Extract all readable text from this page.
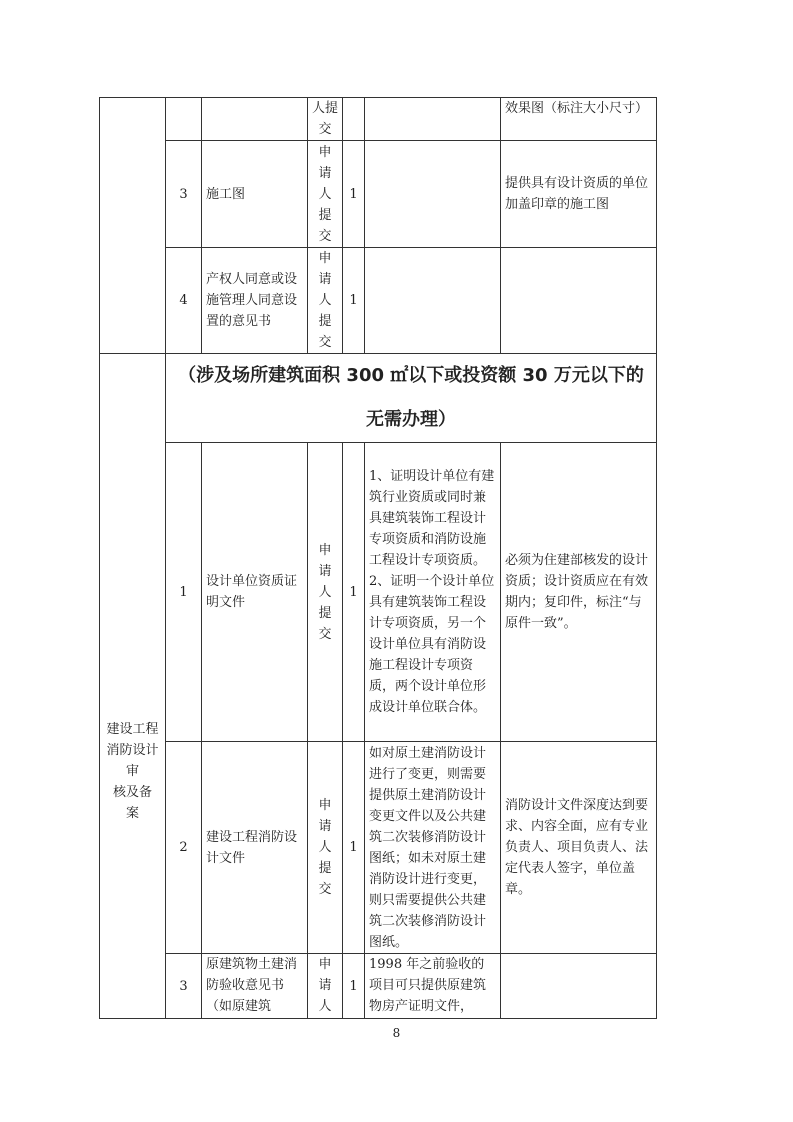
			人提
交			效果图（标注大小尺寸）
	3	施工图	申
请
人
提
交	1		提供具有设计资质的单位加盖印章的施工图
	4	产权人同意或设施管理人同意设置的意见书	申
请
人
提
交	1		
建设工程
消防设计审
核及备
案	（涉及场所建筑面积 300 ㎡以下或投资额 30 万元以下的无需办理）					
	1	设计单位资质证明文件	申
请
人
提
交	1	1、证明设计单位有建筑行业资质或同时兼具建筑装饰工程设计专项资质和消防设施工程设计专项资质。
2、证明一个设计单位具有建筑装饰工程设计专项资质，另一个设计单位具有消防设施工程设计专项资质，两个设计单位形成设计单位联合体。	必须为住建部核发的设计资质；设计资质应在有效期内；复印件，标注“与原件一致”。
	2	建设工程消防设计文件	申
请
人
提
交	1	如对原土建消防设计进行了变更，则需要提供原土建消防设计变更文件以及公共建筑二次装修消防设计图纸；如未对原土建消防设计进行变更，则只需要提供公共建筑二次装修消防设计图纸。	消防设计文件深度达到要求、内容全面，应有专业负责人、项目负责人、法定代表人签字，单位盖章。
	3	原建筑物土建消防验收意见书（如原建筑	申
请
人	1	1998 年之前验收的项目可只提供原建筑物房产证明文件，	
8
